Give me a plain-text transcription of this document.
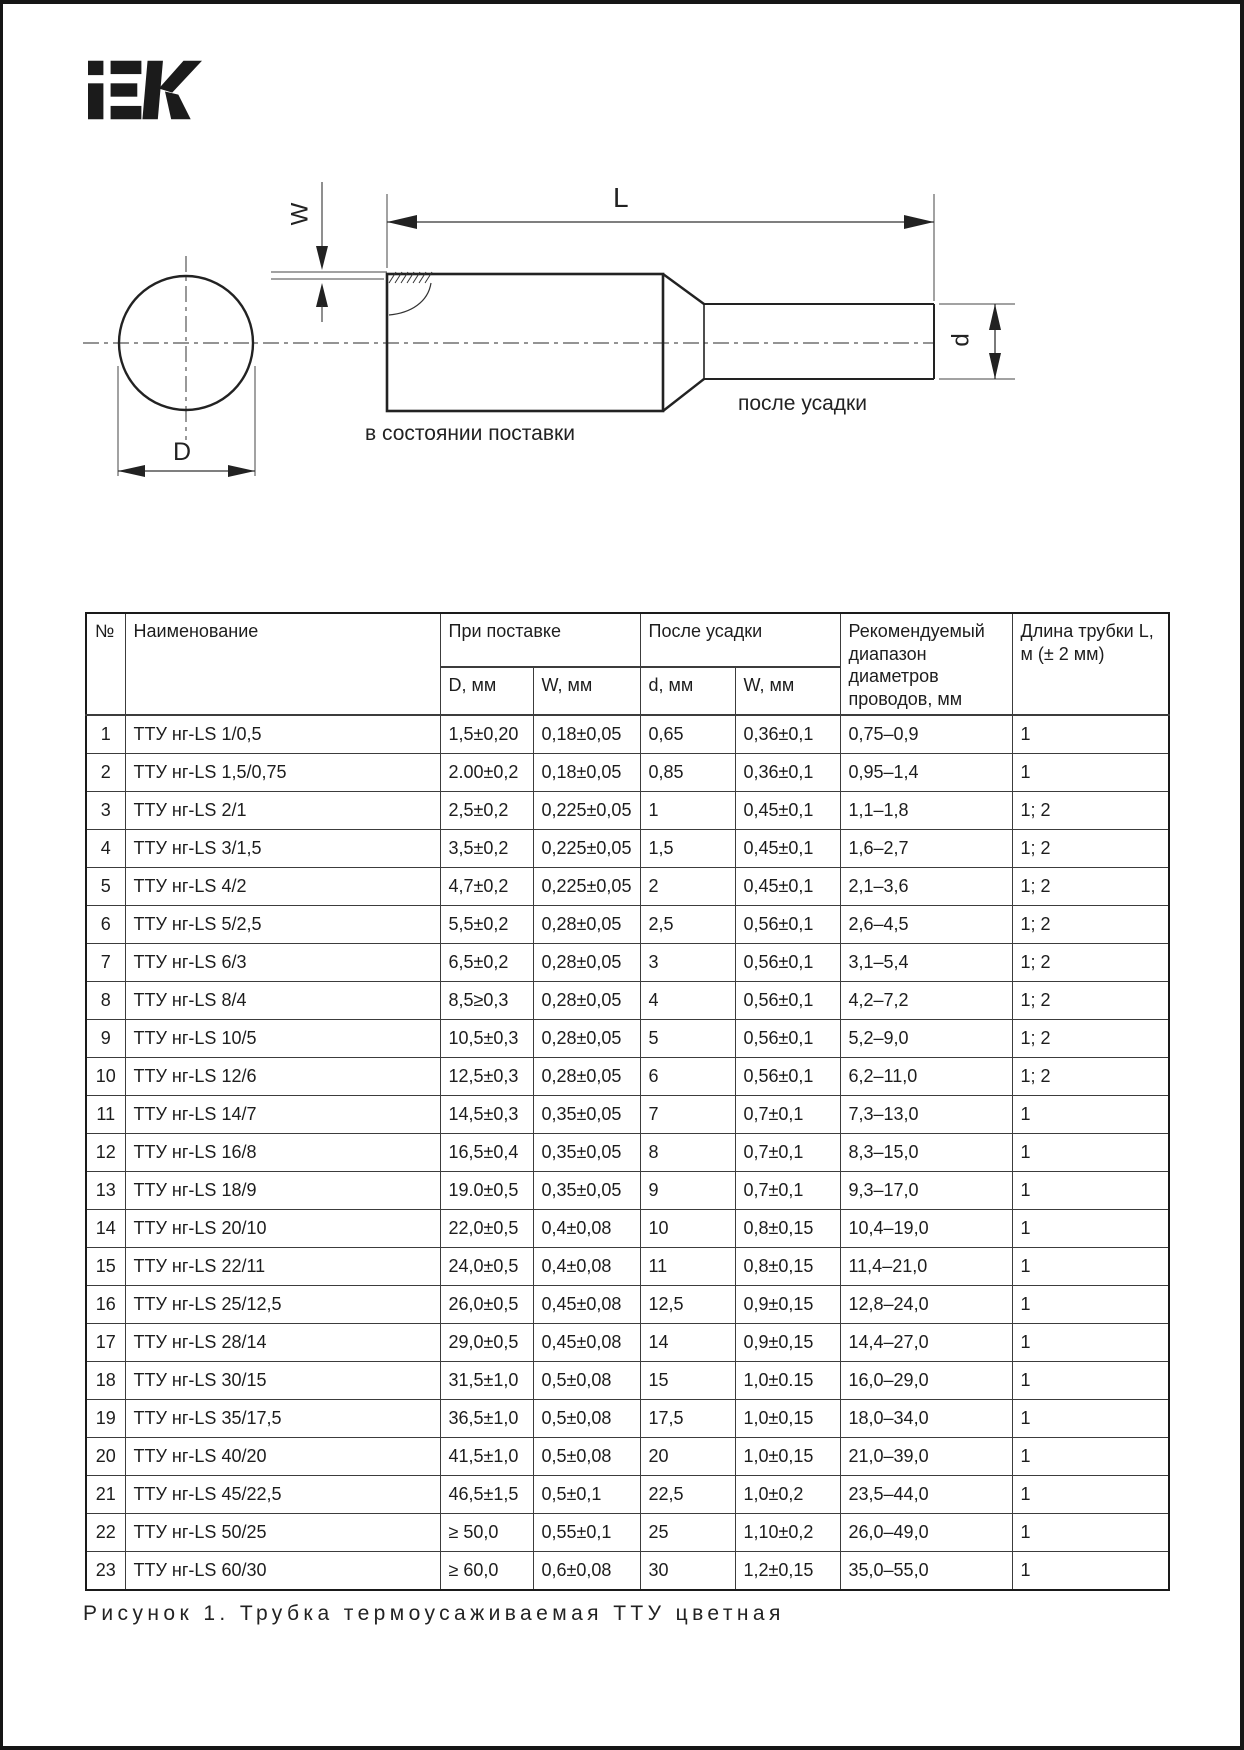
L
W
D
d
в состоянии поставки
после усадки
№	Наименование	При поставке		После усадки		Рекомендуемый диапазон диаметров проводов, мм	Длина трубки L, м (± 2 мм)
		D, мм	W, мм	d, мм	W, мм		
1	ТТУ нг-LS 1/0,5	1,5±0,20	0,18±0,05	0,65	0,36±0,1	0,75–0,9	1
2	ТТУ нг-LS 1,5/0,75	2.00±0,2	0,18±0,05	0,85	0,36±0,1	0,95–1,4	1
3	ТТУ нг-LS 2/1	2,5±0,2	0,225±0,05	1	0,45±0,1	1,1–1,8	1; 2
4	ТТУ нг-LS 3/1,5	3,5±0,2	0,225±0,05	1,5	0,45±0,1	1,6–2,7	1; 2
5	ТТУ нг-LS 4/2	4,7±0,2	0,225±0,05	2	0,45±0,1	2,1–3,6	1; 2
6	ТТУ нг-LS 5/2,5	5,5±0,2	0,28±0,05	2,5	0,56±0,1	2,6–4,5	1; 2
7	ТТУ нг-LS 6/3	6,5±0,2	0,28±0,05	3	0,56±0,1	3,1–5,4	1; 2
8	ТТУ нг-LS 8/4	8,5≥0,3	0,28±0,05	4	0,56±0,1	4,2–7,2	1; 2
9	ТТУ нг-LS 10/5	10,5±0,3	0,28±0,05	5	0,56±0,1	5,2–9,0	1; 2
10	ТТУ нг-LS 12/6	12,5±0,3	0,28±0,05	6	0,56±0,1	6,2–11,0	1; 2
11	ТТУ нг-LS 14/7	14,5±0,3	0,35±0,05	7	0,7±0,1	7,3–13,0	1
12	ТТУ нг-LS 16/8	16,5±0,4	0,35±0,05	8	0,7±0,1	8,3–15,0	1
13	ТТУ нг-LS 18/9	19.0±0,5	0,35±0,05	9	0,7±0,1	9,3–17,0	1
14	ТТУ нг-LS 20/10	22,0±0,5	0,4±0,08	10	0,8±0,15	10,4–19,0	1
15	ТТУ нг-LS 22/11	24,0±0,5	0,4±0,08	11	0,8±0,15	11,4–21,0	1
16	ТТУ нг-LS 25/12,5	26,0±0,5	0,45±0,08	12,5	0,9±0,15	12,8–24,0	1
17	ТТУ нг-LS 28/14	29,0±0,5	0,45±0,08	14	0,9±0,15	14,4–27,0	1
18	ТТУ нг-LS 30/15	31,5±1,0	0,5±0,08	15	1,0±0.15	16,0–29,0	1
19	ТТУ нг-LS 35/17,5	36,5±1,0	0,5±0,08	17,5	1,0±0,15	18,0–34,0	1
20	ТТУ нг-LS 40/20	41,5±1,0	0,5±0,08	20	1,0±0,15	21,0–39,0	1
21	ТТУ нг-LS 45/22,5	46,5±1,5	0,5±0,1	22,5	1,0±0,2	23,5–44,0	1
22	ТТУ нг-LS 50/25	≥ 50,0	0,55±0,1	25	1,10±0,2	26,0–49,0	1
23	ТТУ нг-LS 60/30	≥ 60,0	0,6±0,08	30	1,2±0,15	35,0–55,0	1
Рисунок 1. Трубка термоусаживаемая ТТУ цветная
